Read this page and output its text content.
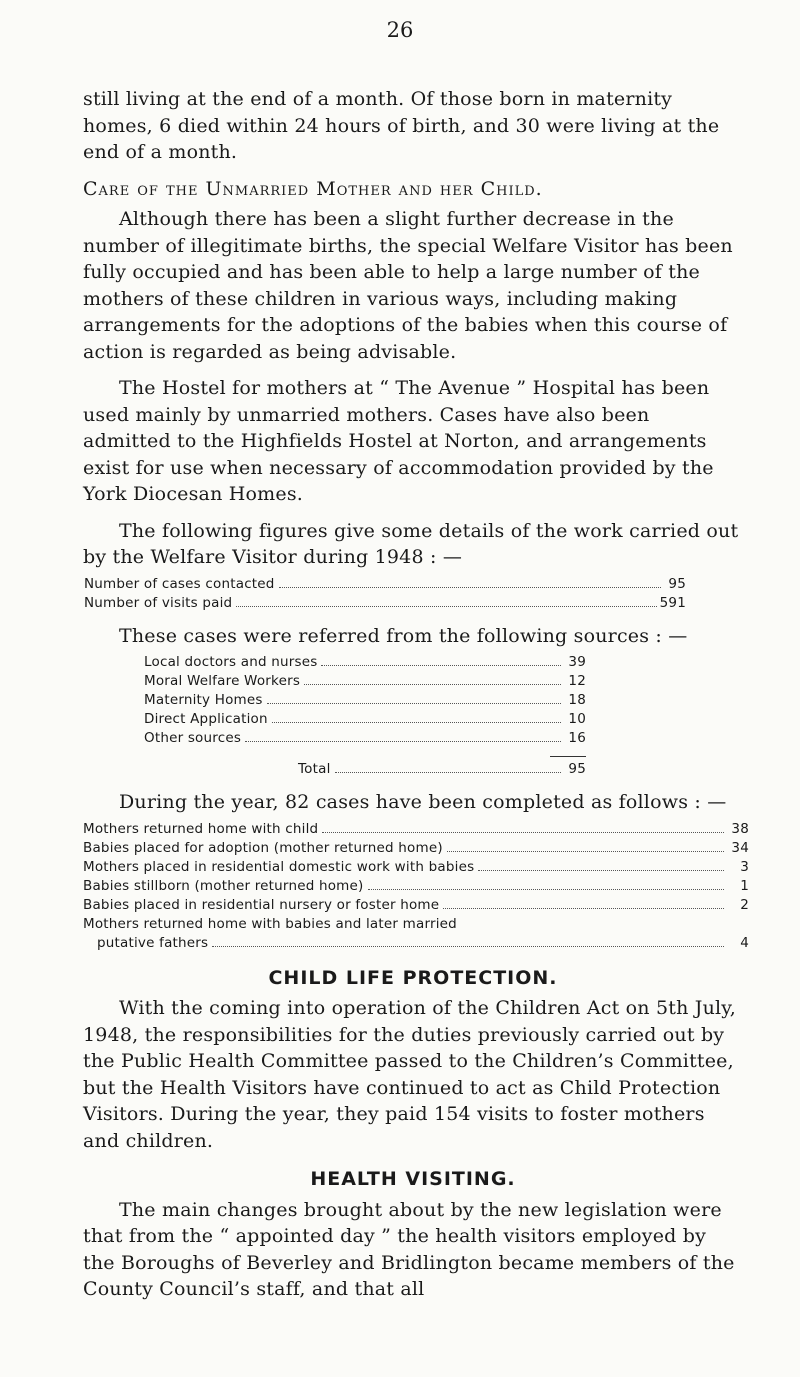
26

still living at the end of a month. Of those born in maternity homes, 6 died within 24 hours of birth, and 30 were living at the end of a month.

Care of the Unmarried Mother and her Child.

Although there has been a slight further decrease in the number of illegitimate births, the special Welfare Visitor has been fully occupied and has been able to help a large number of the mothers of these children in various ways, including making arrangements for the adoptions of the babies when this course of action is regarded as being advisable.

The Hostel for mothers at “ The Avenue ” Hospital has been used mainly by unmarried mothers. Cases have also been admitted to the Highfields Hostel at Norton, and arrangements exist for use when necessary of accommodation provided by the York Diocesan Homes.

The following figures give some details of the work carried out by the Welfare Visitor during 1948 : —

Number of cases contacted	95
Number of visits paid	591

These cases were referred from the following sources : —

Local doctors and nurses	39
Moral Welfare Workers	12
Maternity Homes	18
Direct Application	10
Other sources	16
Total	95

During the year, 82 cases have been completed as follows : —

Mothers returned home with child	38
Babies placed for adoption (mother returned home)	34
Mothers placed in residential domestic work with babies	3
Babies stillborn (mother returned home)	1
Babies placed in residential nursery or foster home	2
Mothers returned home with babies and later married
putative fathers	4
CHILD LIFE PROTECTION.

With the coming into operation of the Children Act on 5th July, 1948, the responsibilities for the duties previously carried out by the Public Health Committee passed to the Children’s Committee, but the Health Visitors have continued to act as Child Protection Visitors. During the year, they paid 154 visits to foster mothers and children.

HEALTH VISITING.

The main changes brought about by the new legislation were that from the “ appointed day ” the health visitors employed by the Boroughs of Beverley and Bridlington became members of the County Council’s staff, and that all
